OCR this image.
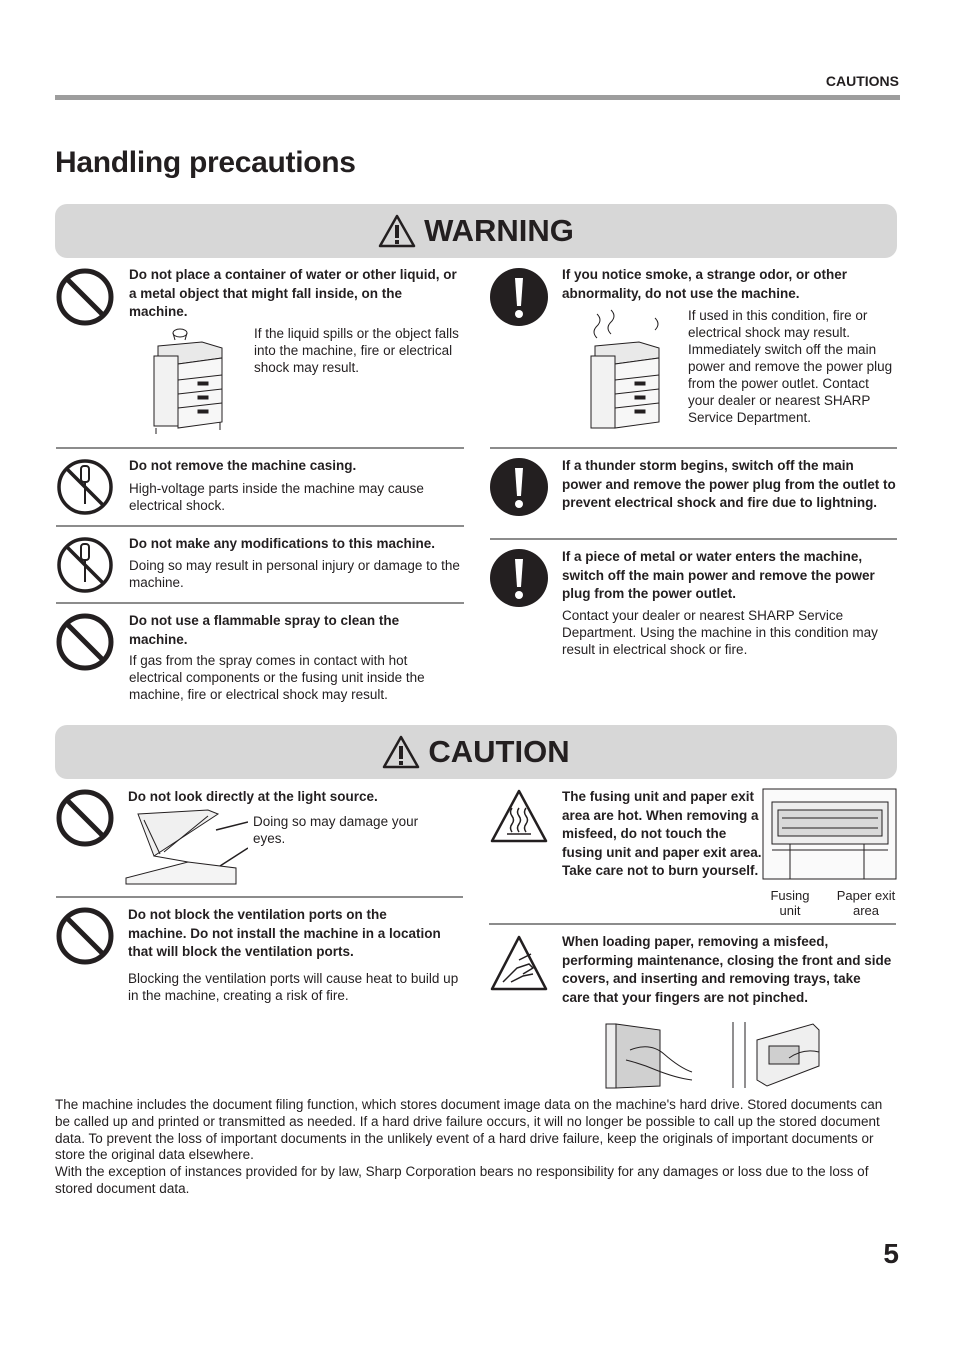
CAUTIONS
Handling precautions
WARNING
Do not place a container of water or other liquid, or a metal object that might fall inside, on the machine.
If the liquid spills or the object falls into the machine, fire or electrical shock may result.
Do not remove the machine casing.
High-voltage parts inside the machine may cause electrical shock.
Do not make any modifications to this machine.
Doing so may result in personal injury or damage to the machine.
Do not use a flammable spray to clean the machine.
If gas from the spray comes in contact with hot electrical components or the fusing unit inside the machine, fire or electrical shock may result.
If you notice smoke, a strange odor, or other abnormality, do not use the machine.
If used in this condition, fire or electrical shock may result. Immediately switch off the main power and remove the power plug from the power outlet. Contact your dealer or nearest SHARP Service Department.
If a thunder storm begins, switch off the main power and remove the power plug from the outlet to prevent electrical shock and fire due to lightning.
If a piece of metal or water enters the machine, switch off the main power and remove the power plug from the power outlet.
Contact your dealer or nearest SHARP Service Department. Using the machine in this condition may result in electrical shock or fire.
CAUTION
Do not look directly at the light source.
Doing so may damage your eyes.
Do not block the ventilation ports on the machine. Do not install the machine in a location that will block the ventilation ports.
Blocking the ventilation ports will cause heat to build up in the machine, creating a risk of fire.
The fusing unit and paper exit area are hot. When removing a misfeed, do not touch the fusing unit and paper exit area. Take care not to burn yourself.
Fusing unit
Paper exit area
When loading paper, removing a misfeed, performing maintenance, closing the front and side covers, and inserting and removing trays, take care that your fingers are not pinched.
The machine includes the document filing function, which stores document image data on the machine's hard drive. Stored documents can be called up and printed or transmitted as needed. If a hard drive failure occurs, it will no longer be possible to call up the stored document data. To prevent the loss of important documents in the unlikely event of a hard drive failure, keep the originals of important documents or store the original data elsewhere.
With the exception of instances provided for by law, Sharp Corporation bears no responsibility for any damages or loss due to the loss of stored document data.
5
